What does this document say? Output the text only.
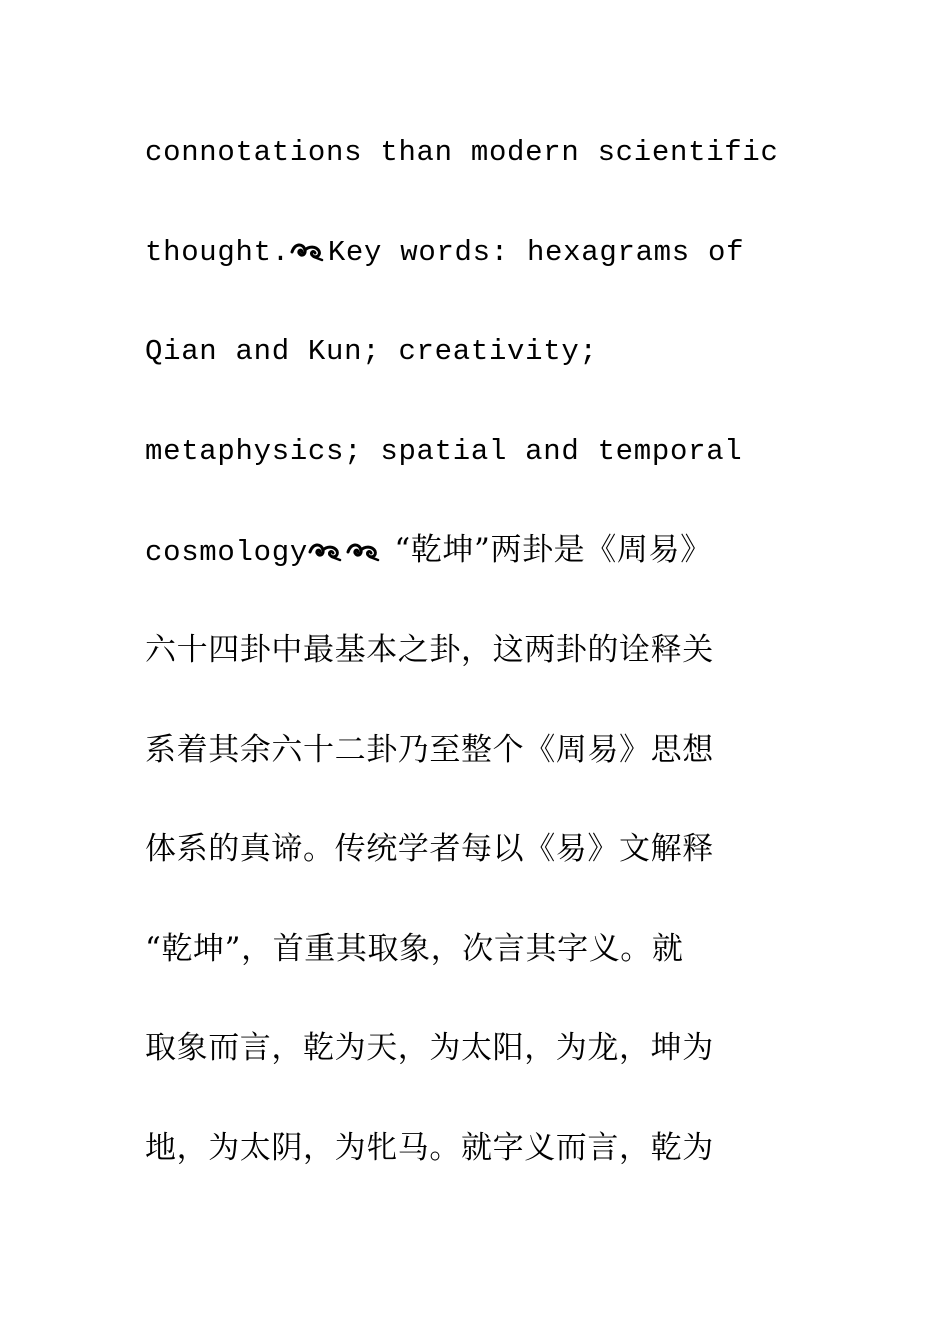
connotations than modern scientific
thought. Key words: hexagrams of
Qian and Kun; creativity;
metaphysics; spatial and temporal
cosmology
“乾坤”两卦是《周易》
六十四卦中最基本之卦，这两卦的诠释关
系着其余六十二卦乃至整个《周易》思想
体系的真谛。传统学者每以《易》文解释
“乾坤”，首重其取象，次言其字义。就
取象而言，乾为天，为太阳，为龙，坤为
地，为太阴，为牝马。就字义而言，乾为
